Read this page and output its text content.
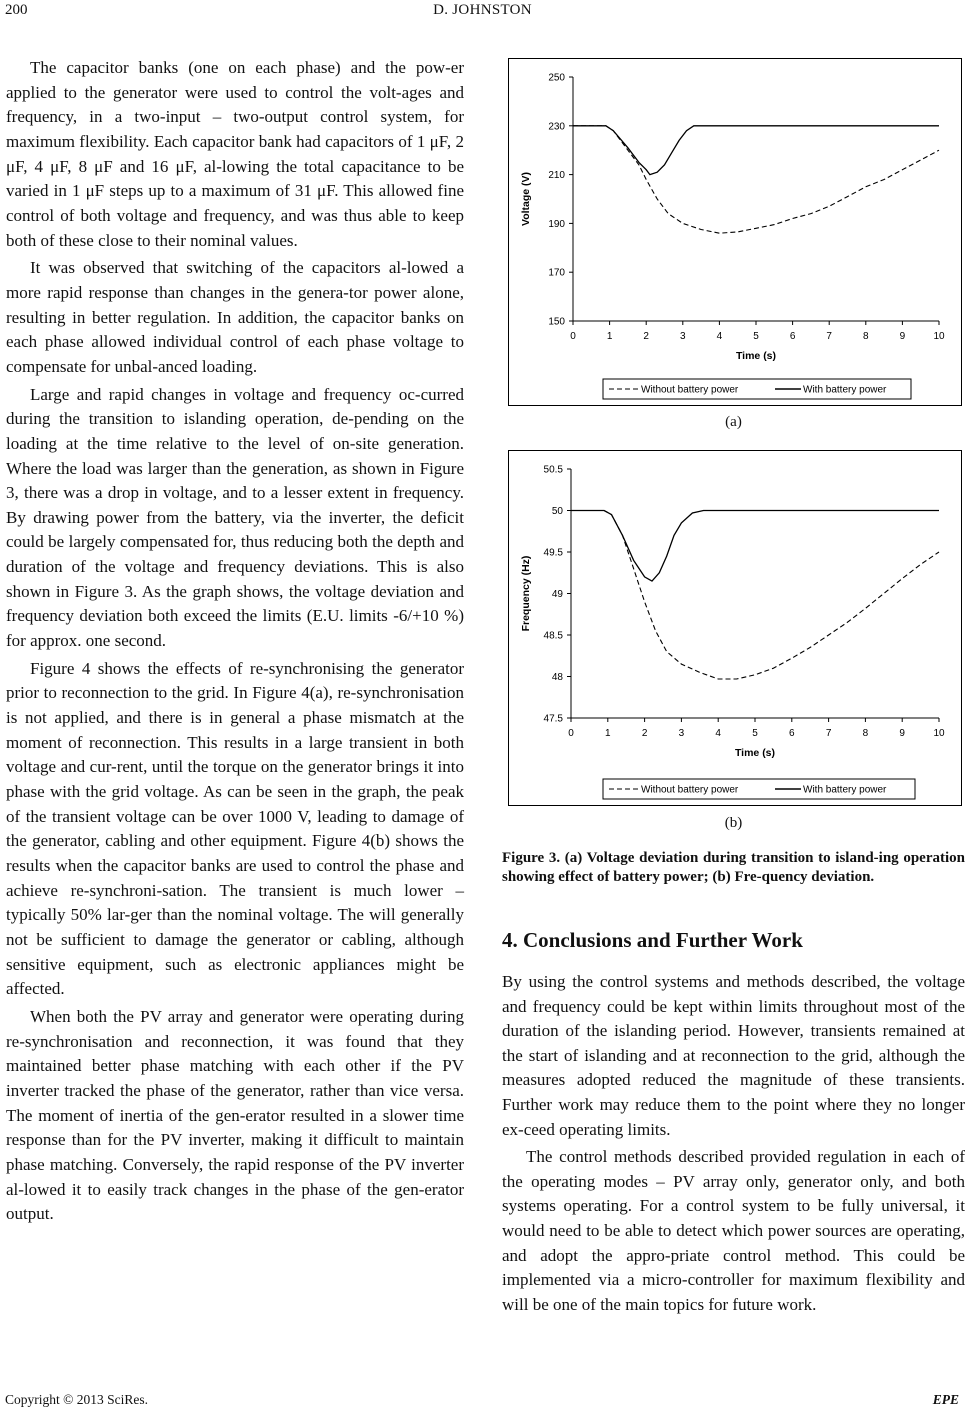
200	D. JOHNSTON

The capacitor banks (one on each phase) and the pow-er applied to the generator were used to control the volt-ages and frequency, in a two-input – two-output control system, for maximum flexibility. Each capacitor bank had capacitors of 1 μF, 2 μF, 4 μF, 8 μF and 16 μF, al-lowing the total capacitance to be varied in 1 μF steps up to a maximum of 31 μF. This allowed fine control of both voltage and frequency, and was thus able to keep both of these close to their nominal values.

It was observed that switching of the capacitors al-lowed a more rapid response than changes in the genera-tor power alone, resulting in better regulation. In addition, the capacitor banks on each phase allowed individual control of each phase voltage to compensate for unbal-anced loading.

Large and rapid changes in voltage and frequency oc-curred during the transition to islanding operation, de-pending on the loading at the time relative to the level of on-site generation. Where the load was larger than the generation, as shown in Figure 3, there was a drop in voltage, and to a lesser extent in frequency. By drawing power from the battery, via the inverter, the deficit could be largely compensated for, thus reducing both the depth and duration of the voltage and frequency deviations. This is also shown in Figure 3. As the graph shows, the voltage deviation and frequency deviation both exceed the limits (E.U. limits -6/+10 %) for approx. one second.

Figure 4 shows the effects of re-synchronising the generator prior to reconnection to the grid. In Figure 4(a), re-synchronisation is not applied, and there is in general a phase mismatch at the moment of reconnection. This results in a large transient in both voltage and cur-rent, until the torque on the generator brings it into phase with the grid voltage. As can be seen in the graph, the peak of the transient voltage can be over 1000 V, leading to damage of the generator, cabling and other equipment. Figure 4(b) shows the results when the capacitor banks are used to control the phase and achieve re-synchroni-sation. The transient is much lower – typically 50% lar-ger than the nominal voltage. The will generally not be sufficient to damage the generator or cabling, although sensitive equipment, such as electronic appliances might be affected.

When both the PV array and generator were operating during re-synchronisation and reconnection, it was found that they maintained better phase matching with each other if the PV inverter tracked the phase of the generator, rather than vice versa. The moment of inertia of the gen-erator resulted in a slower time response than for the PV inverter, making it difficult to maintain phase matching. Conversely, the rapid response of the PV inverter al-lowed it to easily track changes in the phase of the gen-erator output.

150
170
190
210
230
250
0	1	2	3	4	5	6	7	8	9	10
Time (s)
Voltage (V)
Without battery power	With battery power
(a)
47.5
48
48.5
49
49.5
50
50.5
0	1	2	3	4	5	6	7	8	9	10
Time (s)
Frequency (Hz)
Without battery power	With battery power
(b)
Figure 3. (a) Voltage deviation during transition to island-ing operation showing effect of battery power; (b) Fre-quency deviation.
4. Conclusions and Further Work

By using the control systems and methods described, the voltage and frequency could be kept within limits throughout most of the duration of the islanding period. However, transients remained at the start of islanding and at reconnection to the grid, although the measures adopted reduced the magnitude of these transients. Further work may reduce them to the point where they no longer ex-ceed operating limits.

The control methods described provided regulation in each of the operating modes – PV array only, generator only, and both systems operating. For a control system to be fully universal, it would need to be able to detect which power sources are operating, and adopt the appro-priate control method. This could be implemented via a micro-controller for maximum flexibility and will be one of the main topics for future work.

Copyright © 2013 SciRes.	EPE
